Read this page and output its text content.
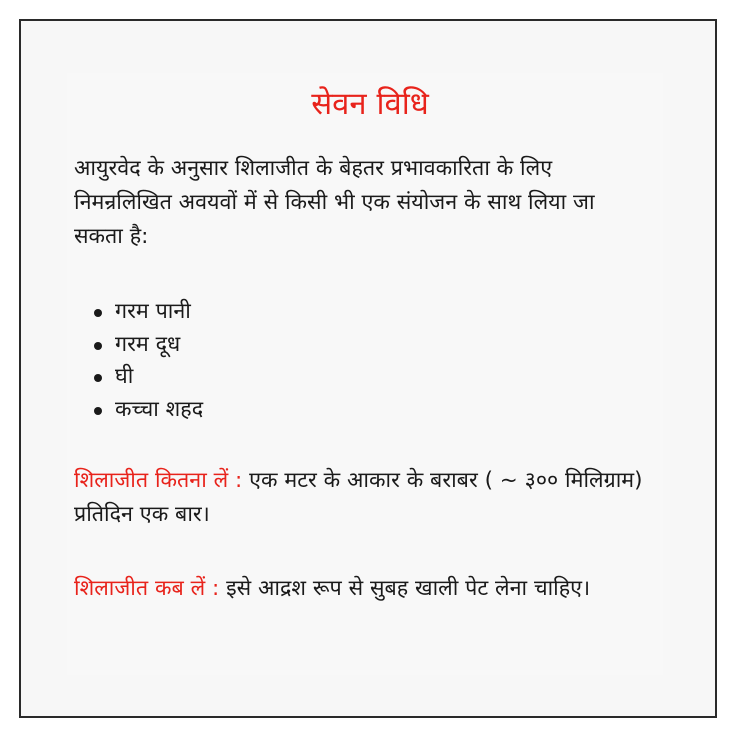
सेवन विधि

आयुरवेद के अनुसार शिलाजीत के बेहतर प्रभावकारिता के लिए निमन्रलिखित अवयवों में से किसी भी एक संयोजन के साथ लिया जा सकता है:

गरम पानी
गरम दूध
घी
कच्चा शहद

शिलाजीत कितना लें : एक मटर के आकार के बराबर ( ~ ३०० मिलिग्राम) प्रतिदिन एक बार।

शिलाजीत कब लें : इसे आद्रश रूप से सुबह खाली पेट लेना चाहिए।
